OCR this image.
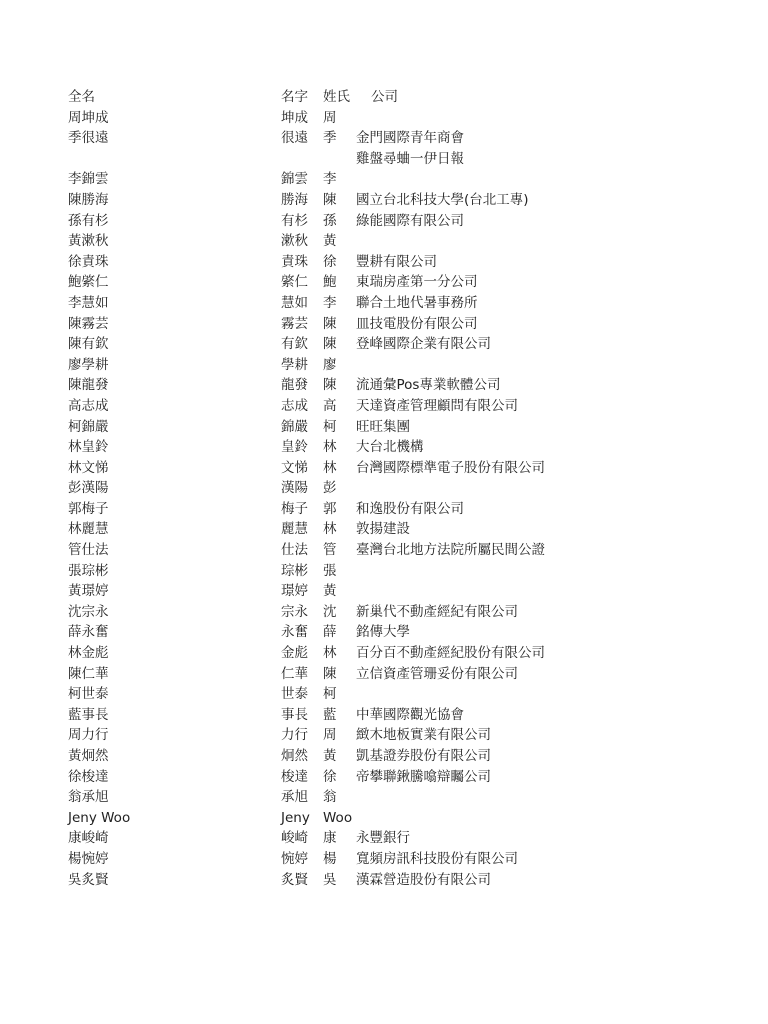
全名	名字 姓氏 公司
周坤成	坤成 周
季很遠	很遠 季 金門國際青年商會
雞盤尋蛐一伊日報
李錦雲	錦雲 李
陳勝海	勝海 陳 國立台北科技大學(台北工專)
孫有杉	有杉 孫 綠能國際有限公司
黃漱秋	漱秋 黃
徐責珠	責珠 徐 豐耕有限公司
鮑綮仁	綮仁 鮑 東瑞房產第一分公司
李慧如	慧如 李 聯合土地代暑事務所
陳霧芸	霧芸 陳 皿技電股份有限公司
陳有欽	有欽 陳 登峰國際企業有限公司
廖學耕	學耕 廖
陳龍發	龍發 陳 流通彙Pos專業軟體公司
高志成	志成 高 天達資產管理顧問有限公司
柯錦嚴	錦嚴 柯 旺旺集團
林皇鈴	皇鈴 林 大台北機構
林文悌	文悌 林 台灣國際標準電子股份有限公司
彭漢陽	漢陽 彭
郭梅子	梅子 郭 和逸股份有限公司
林麗慧	麗慧 林 敦揚建設
管仕法	仕法 管 臺灣台北地方法院所屬民間公證
張琮彬	琮彬 張
黃璟婷	璟婷 黃
沈宗永	宗永 沈 新巢代不動產經紀有限公司
薛永奮	永奮 薛 銘傳大學
林金彪	金彪 林 百分百不動產經紀股份有限公司
陳仁華	仁華 陳 立信資產管珊妥份有限公司
柯世泰	世泰 柯
藍事長	事長 藍 中華國際觀光協會
周力行	力行 周 緻木地板實業有限公司
黃炯然	炯然 黃 凱基證券股份有限公司
徐梭達	梭達 徐 帝攀聯鍬騰噏辯矚公司
翁承旭	承旭 翁
Jeny Woo	Jeny Woo
康峻崎	峻崎 康 永豐銀行
楊惋婷	惋婷 楊 寬頻房訊科技股份有限公司
吳炙賢	炙賢 吳 漢霖營造股份有限公司
